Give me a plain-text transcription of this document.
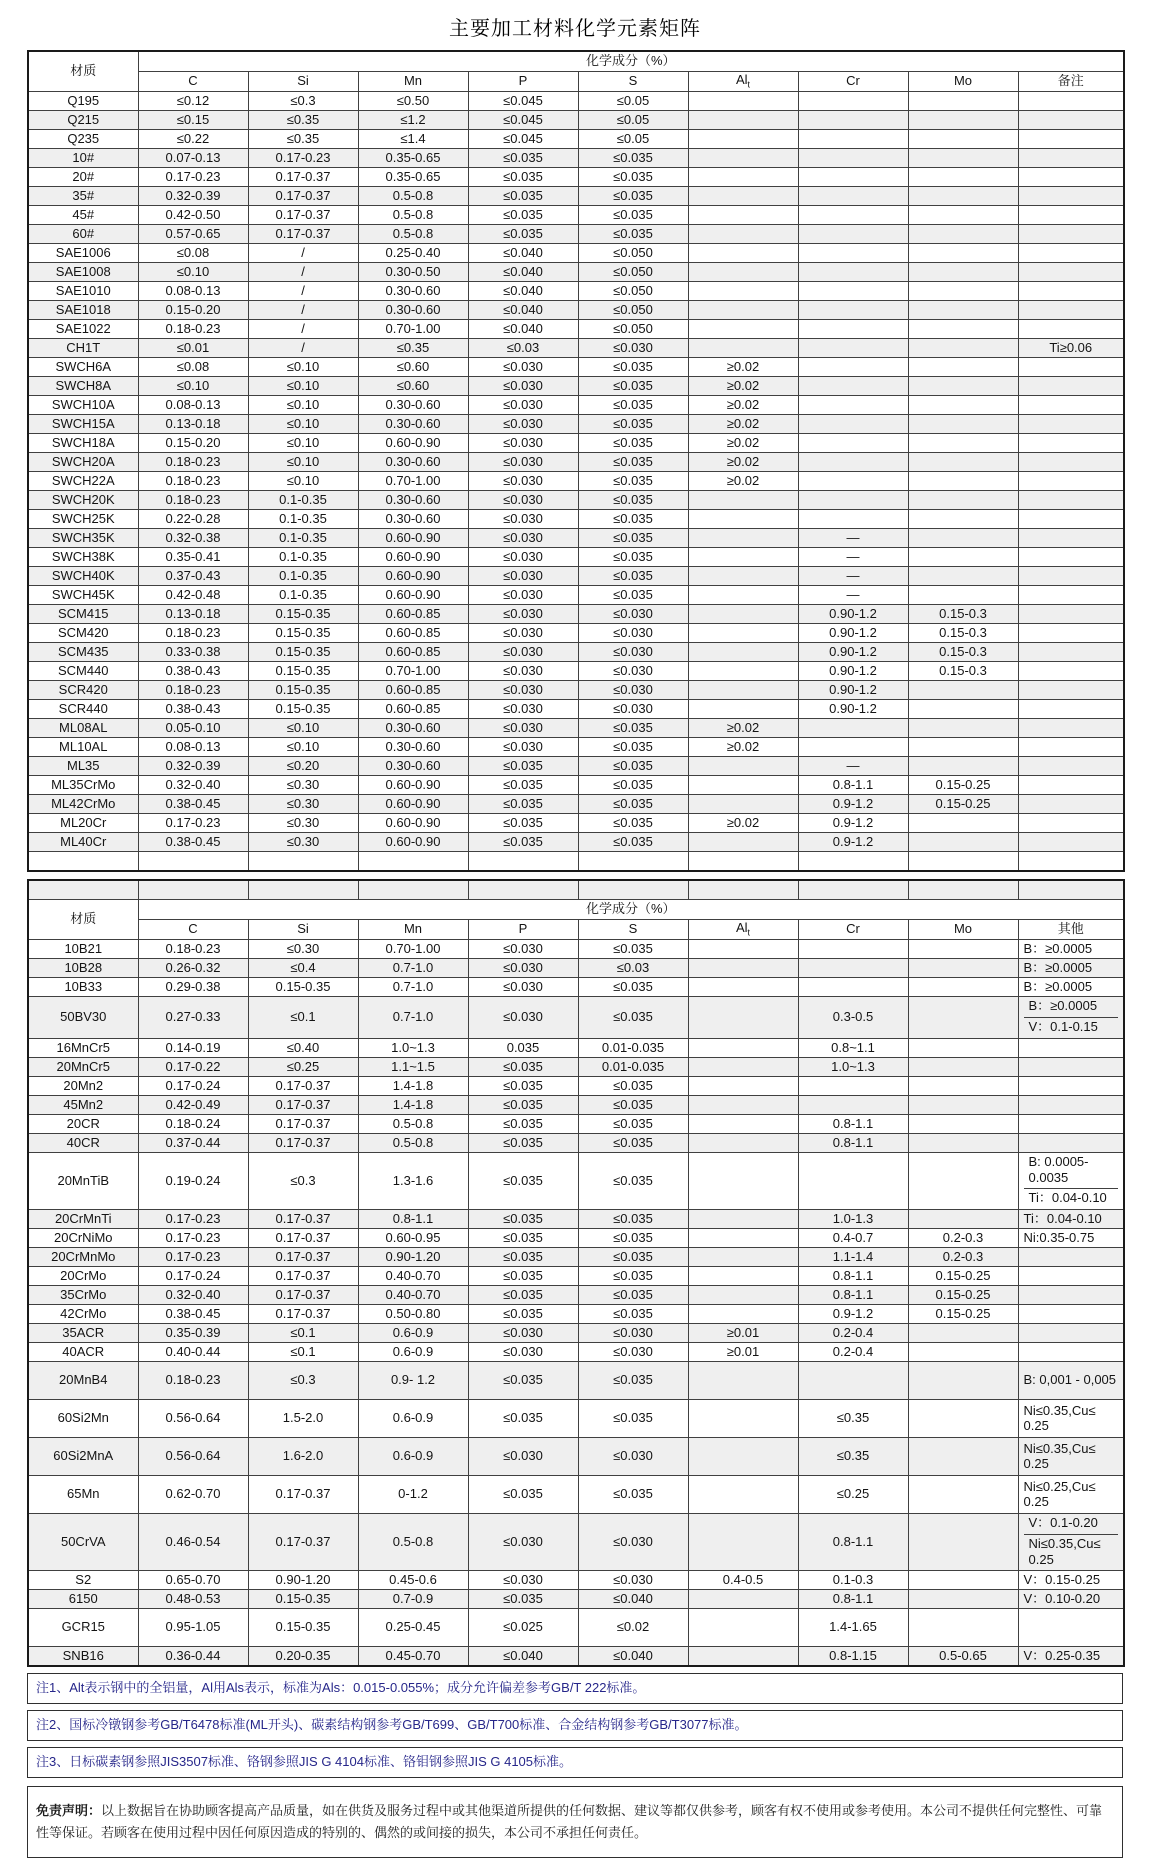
主要加工材料化学元素矩阵
材质	化学成分（%）								
	C	Si	Mn	P	S	$Al_t$	Cr	Mo	备注
Q195	≤0.12	≤0.3	≤0.50	≤0.045	≤0.05				
Q215	≤0.15	≤0.35	≤1.2	≤0.045	≤0.05				
Q235	≤0.22	≤0.35	≤1.4	≤0.045	≤0.05				
10#	0.07-0.13	0.17-0.23	0.35-0.65	≤0.035	≤0.035				
20#	0.17-0.23	0.17-0.37	0.35-0.65	≤0.035	≤0.035				
35#	0.32-0.39	0.17-0.37	0.5-0.8	≤0.035	≤0.035				
45#	0.42-0.50	0.17-0.37	0.5-0.8	≤0.035	≤0.035				
60#	0.57-0.65	0.17-0.37	0.5-0.8	≤0.035	≤0.035				
SAE1006	≤0.08	/	0.25-0.40	≤0.040	≤0.050				
SAE1008	≤0.10	/	0.30-0.50	≤0.040	≤0.050				
SAE1010	0.08-0.13	/	0.30-0.60	≤0.040	≤0.050				
SAE1018	0.15-0.20	/	0.30-0.60	≤0.040	≤0.050				
SAE1022	0.18-0.23	/	0.70-1.00	≤0.040	≤0.050				
CH1T	≤0.01	/	≤0.35	≤0.03	≤0.030				Ti≥0.06
SWCH6A	≤0.08	≤0.10	≤0.60	≤0.030	≤0.035	≥0.02			
SWCH8A	≤0.10	≤0.10	≤0.60	≤0.030	≤0.035	≥0.02			
SWCH10A	0.08-0.13	≤0.10	0.30-0.60	≤0.030	≤0.035	≥0.02			
SWCH15A	0.13-0.18	≤0.10	0.30-0.60	≤0.030	≤0.035	≥0.02			
SWCH18A	0.15-0.20	≤0.10	0.60-0.90	≤0.030	≤0.035	≥0.02			
SWCH20A	0.18-0.23	≤0.10	0.30-0.60	≤0.030	≤0.035	≥0.02			
SWCH22A	0.18-0.23	≤0.10	0.70-1.00	≤0.030	≤0.035	≥0.02			
SWCH20K	0.18-0.23	0.1-0.35	0.30-0.60	≤0.030	≤0.035				
SWCH25K	0.22-0.28	0.1-0.35	0.30-0.60	≤0.030	≤0.035				
SWCH35K	0.32-0.38	0.1-0.35	0.60-0.90	≤0.030	≤0.035		—		
SWCH38K	0.35-0.41	0.1-0.35	0.60-0.90	≤0.030	≤0.035		—		
SWCH40K	0.37-0.43	0.1-0.35	0.60-0.90	≤0.030	≤0.035		—		
SWCH45K	0.42-0.48	0.1-0.35	0.60-0.90	≤0.030	≤0.035		—		
SCM415	0.13-0.18	0.15-0.35	0.60-0.85	≤0.030	≤0.030		0.90-1.2	0.15-0.3	
SCM420	0.18-0.23	0.15-0.35	0.60-0.85	≤0.030	≤0.030		0.90-1.2	0.15-0.3	
SCM435	0.33-0.38	0.15-0.35	0.60-0.85	≤0.030	≤0.030		0.90-1.2	0.15-0.3	
SCM440	0.38-0.43	0.15-0.35	0.70-1.00	≤0.030	≤0.030		0.90-1.2	0.15-0.3	
SCR420	0.18-0.23	0.15-0.35	0.60-0.85	≤0.030	≤0.030		0.90-1.2		
SCR440	0.38-0.43	0.15-0.35	0.60-0.85	≤0.030	≤0.030		0.90-1.2		
ML08AL	0.05-0.10	≤0.10	0.30-0.60	≤0.030	≤0.035	≥0.02			
ML10AL	0.08-0.13	≤0.10	0.30-0.60	≤0.030	≤0.035	≥0.02			
ML35	0.32-0.39	≤0.20	0.30-0.60	≤0.035	≤0.035		—		
ML35CrMo	0.32-0.40	≤0.30	0.60-0.90	≤0.035	≤0.035		0.8-1.1	0.15-0.25	
ML42CrMo	0.38-0.45	≤0.30	0.60-0.90	≤0.035	≤0.035		0.9-1.2	0.15-0.25	
ML20Cr	0.17-0.23	≤0.30	0.60-0.90	≤0.035	≤0.035	≥0.02	0.9-1.2		
ML40Cr	0.38-0.45	≤0.30	0.60-0.90	≤0.035	≤0.035		0.9-1.2		

材质	化学成分（%）								
	C	Si	Mn	P	S	$Al_t$	Cr	Mo	其他
10B21	0.18-0.23	≤0.30	0.70-1.00	≤0.030	≤0.035				B：≥0.0005
10B28	0.26-0.32	≤0.4	0.7-1.0	≤0.030	≤0.03				B：≥0.0005
10B33	0.29-0.38	0.15-0.35	0.7-1.0	≤0.030	≤0.035				B：≥0.0005
50BV30	0.27-0.33	≤0.1	0.7-1.0	≤0.030	≤0.035		0.3-0.5		B：≥0.0005
V：0.1-0.15

16MnCr5	0.14-0.19	≤0.40	1.0~1.3	0.035	0.01-0.035		0.8~1.1		
20MnCr5	0.17-0.22	≤0.25	1.1~1.5	≤0.035	0.01-0.035		1.0~1.3		
20Mn2	0.17-0.24	0.17-0.37	1.4-1.8	≤0.035	≤0.035				
45Mn2	0.42-0.49	0.17-0.37	1.4-1.8	≤0.035	≤0.035				
20CR	0.18-0.24	0.17-0.37	0.5-0.8	≤0.035	≤0.035		0.8-1.1		
40CR	0.37-0.44	0.17-0.37	0.5-0.8	≤0.035	≤0.035		0.8-1.1		
20MnTiB	0.19-0.24	≤0.3	1.3-1.6	≤0.035	≤0.035				B: 0.0005-0.0035
Ti：0.04-0.10

20CrMnTi	0.17-0.23	0.17-0.37	0.8-1.1	≤0.035	≤0.035		1.0-1.3		Ti：0.04-0.10
20CrNiMo	0.17-0.23	0.17-0.37	0.60-0.95	≤0.035	≤0.035		0.4-0.7	0.2-0.3	Ni:0.35-0.75
20CrMnMo	0.17-0.23	0.17-0.37	0.90-1.20	≤0.035	≤0.035		1.1-1.4	0.2-0.3	
20CrMo	0.17-0.24	0.17-0.37	0.40-0.70	≤0.035	≤0.035		0.8-1.1	0.15-0.25	
35CrMo	0.32-0.40	0.17-0.37	0.40-0.70	≤0.035	≤0.035		0.8-1.1	0.15-0.25	
42CrMo	0.38-0.45	0.17-0.37	0.50-0.80	≤0.035	≤0.035		0.9-1.2	0.15-0.25	
35ACR	0.35-0.39	≤0.1	0.6-0.9	≤0.030	≤0.030	≥0.01	0.2-0.4		
40ACR	0.40-0.44	≤0.1	0.6-0.9	≤0.030	≤0.030	≥0.01	0.2-0.4		
20MnB4	0.18-0.23	≤0.3	0.9- 1.2	≤0.035	≤0.035				B: 0,001 - 0,005
60Si2Mn	0.56-0.64	1.5-2.0	0.6-0.9	≤0.035	≤0.035		≤0.35		Ni≤0.35,Cu≤ 0.25
60Si2MnA	0.56-0.64	1.6-2.0	0.6-0.9	≤0.030	≤0.030		≤0.35		Ni≤0.35,Cu≤ 0.25
65Mn	0.62-0.70	0.17-0.37	0-1.2	≤0.035	≤0.035		≤0.25		Ni≤0.25,Cu≤ 0.25
50CrVA	0.46-0.54	0.17-0.37	0.5-0.8	≤0.030	≤0.030		0.8-1.1		V：0.1-0.20
Ni≤0.35,Cu≤ 0.25

S2	0.65-0.70	0.90-1.20	0.45-0.6	≤0.030	≤0.030	0.4-0.5	0.1-0.3		V：0.15-0.25
6150	0.48-0.53	0.15-0.35	0.7-0.9	≤0.035	≤0.040		0.8-1.1		V：0.10-0.20
GCR15	0.95-1.05	0.15-0.35	0.25-0.45	≤0.025	≤0.02		1.4-1.65		
SNB16	0.36-0.44	0.20-0.35	0.45-0.70	≤0.040	≤0.040		0.8-1.15	0.5-0.65	V：0.25-0.35
注1、Alt表示钢中的全铝量，Al用Als表示，标准为Als：0.015-0.055%；成分允许偏差参考GB/T 222标准。
注2、国标冷镦钢参考GB/T6478标准(ML开头)、碳素结构钢参考GB/T699、GB/T700标准、合金结构钢参考GB/T3077标准。
注3、日标碳素钢参照JIS3507标准、铬钢参照JIS G 4104标准、铬钼钢参照JIS G 4105标准。
免责声明：以上数据旨在协助顾客提高产品质量，如在供货及服务过程中或其他渠道所提供的任何数据、建议等都仅供参考，顾客有权不使用或参考使用。本公司不提供任何完整性、可靠性等保证。若顾客在使用过程中因任何原因造成的特别的、偶然的或间接的损失，本公司不承担任何责任。
